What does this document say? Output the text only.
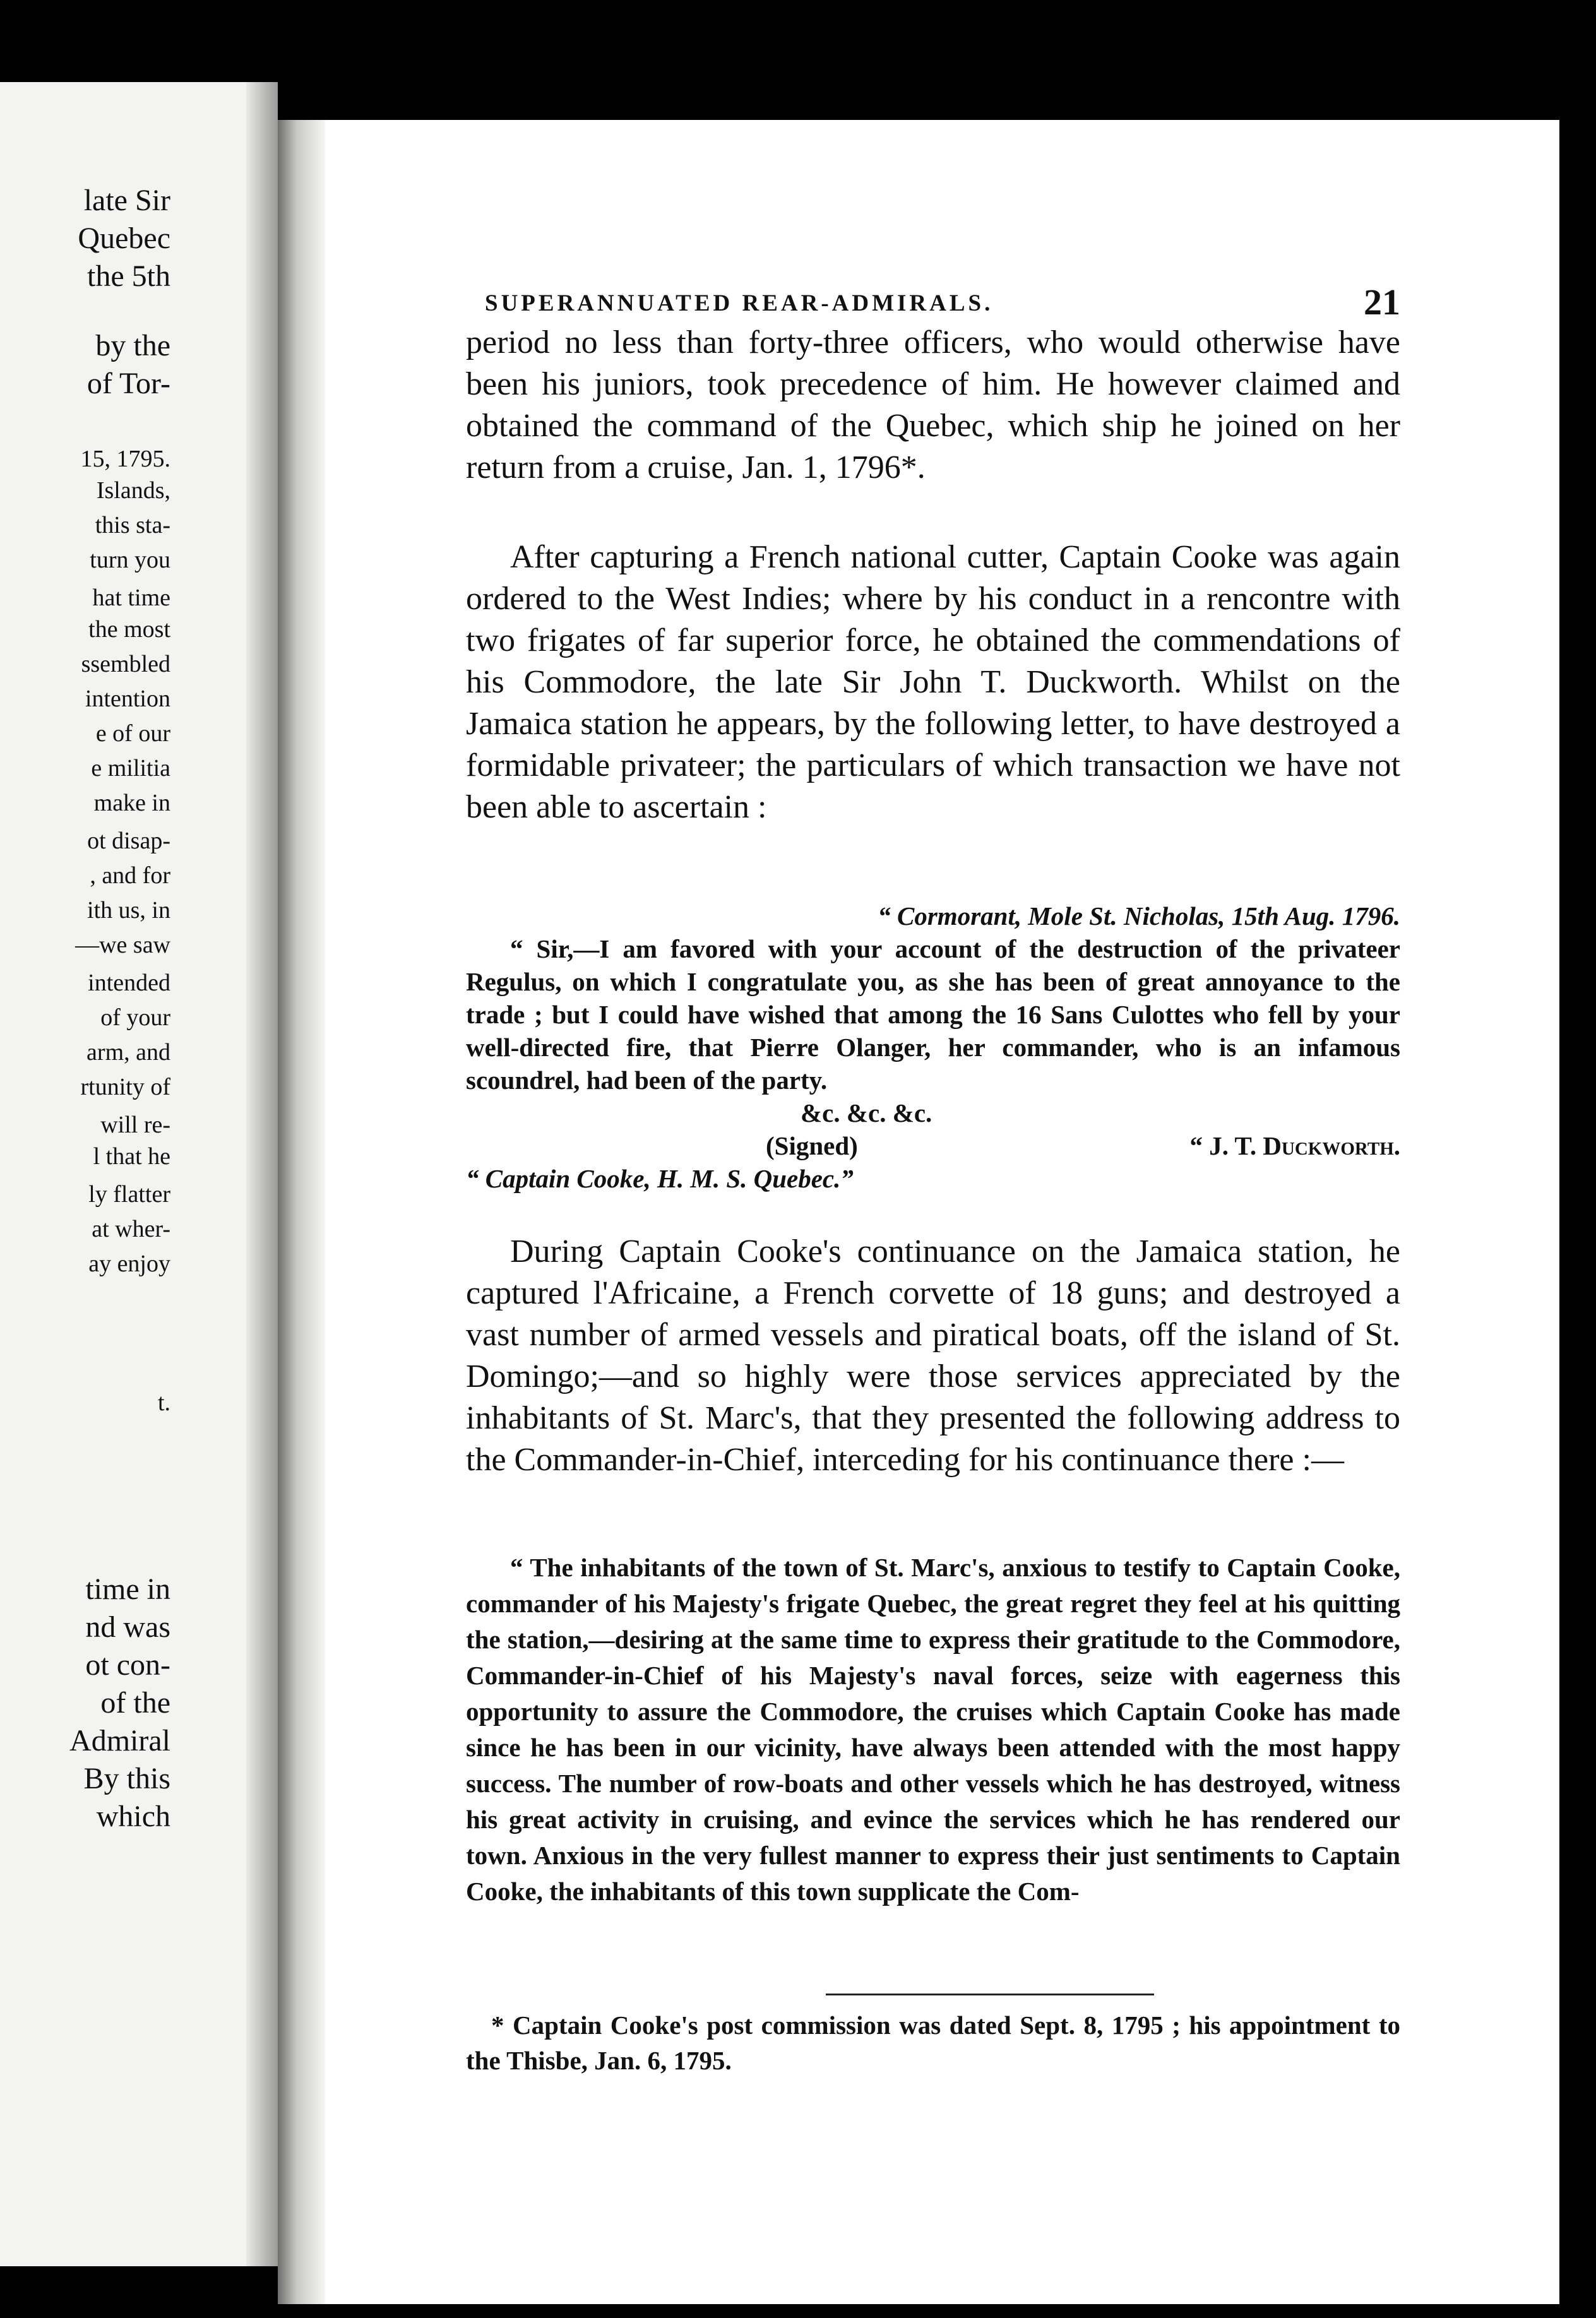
late Sir
Quebec
the 5th
by the
of Tor-
15, 1795.
Islands,
this sta-
turn you
hat time
the most
ssembled
intention
e of our
e militia
make in
ot disap-
, and for
ith us, in
—we saw
intended
of your
arm, and
rtunity of
will re-
l that he
ly flatter
at wher-
ay enjoy
t.
time in
nd was
ot con-
of the
Admiral
By this
which
SUPERANNUATED REAR-ADMIRALS.	21

period no less than forty-three officers, who would otherwise have been his juniors, took precedence of him. He however claimed and obtained the command of the Quebec, which ship he joined on her return from a cruise, Jan. 1, 1796*.

After capturing a French national cutter, Captain Cooke was again ordered to the West Indies; where by his conduct in a rencontre with two frigates of far superior force, he obtained the commendations of his Commodore, the late Sir John T. Duckworth. Whilst on the Jamaica station he appears, by the following letter, to have destroyed a formidable privateer; the particulars of which transaction we have not been able to ascertain :

“ Cormorant, Mole St. Nicholas, 15th Aug. 1796.

“ Sir,—I am favored with your account of the destruction of the privateer Regulus, on which I congratulate you, as she has been of great annoyance to the trade ; but I could have wished that among the 16 Sans Culottes who fell by your well-directed fire, that Pierre Olanger, her commander, who is an infamous scoundrel, had been of the party.

&c. &c. &c.

(Signed)	“ J. T. Duckworth.

“ Captain Cooke, H. M. S. Quebec.”

During Captain Cooke's continuance on the Jamaica station, he captured l'Africaine, a French corvette of 18 guns; and destroyed a vast number of armed vessels and piratical boats, off the island of St. Domingo;—and so highly were those services appreciated by the inhabitants of St. Marc's, that they presented the following address to the Commander-in-Chief, interceding for his continuance there :—

“ The inhabitants of the town of St. Marc's, anxious to testify to Captain Cooke, commander of his Majesty's frigate Quebec, the great regret they feel at his quitting the station,—desiring at the same time to express their gratitude to the Commodore, Commander-in-Chief of his Majesty's naval forces, seize with eagerness this opportunity to assure the Commodore, the cruises which Captain Cooke has made since he has been in our vicinity, have always been attended with the most happy success. The number of row-boats and other vessels which he has destroyed, witness his great activity in cruising, and evince the services which he has rendered our town. Anxious in the very fullest manner to express their just sentiments to Captain Cooke, the inhabitants of this town supplicate the Com-

* Captain Cooke's post commission was dated Sept. 8, 1795 ; his appointment to the Thisbe, Jan. 6, 1795.
